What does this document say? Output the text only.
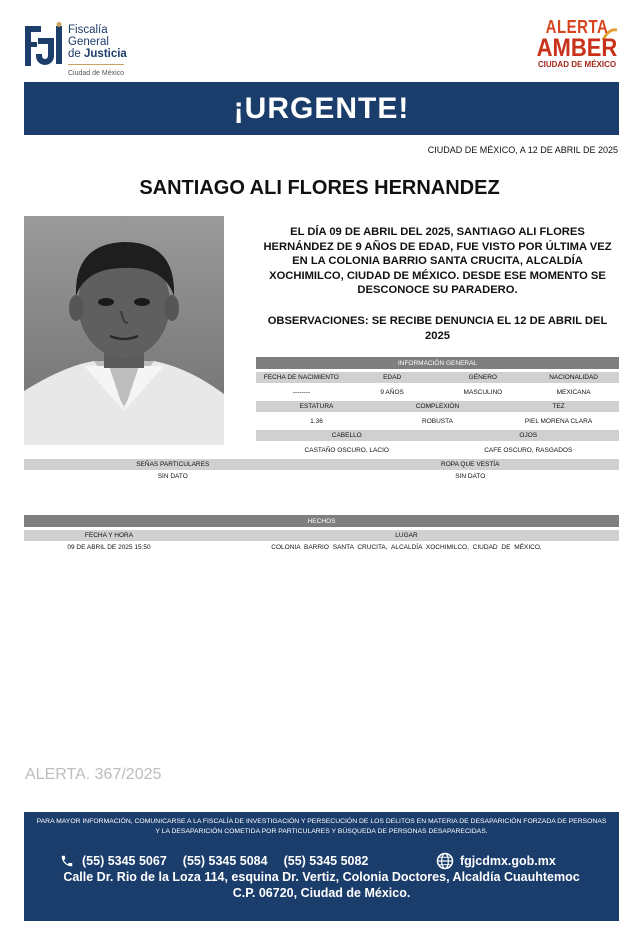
Fiscalía
General
de Justicia
Ciudad de México
ALERTA
AMBER
CIUDAD DE MÉXICO
¡URGENTE!
CIUDAD DE MÉXICO, A 12 DE ABRIL DE 2025
SANTIAGO ALI FLORES HERNANDEZ
EL DÍA 09 DE ABRIL DEL 2025, SANTIAGO ALI FLORES HERNÁNDEZ DE 9 AÑOS DE EDAD, FUE VISTO POR ÚLTIMA VEZ EN LA COLONIA BARRIO SANTA CRUCITA, ALCALDÍA XOCHIMILCO, CIUDAD DE MÉXICO. DESDE ESE MOMENTO SE DESCONOCE SU PARADERO.
OBSERVACIONES: SE RECIBE DENUNCIA EL 12 DE ABRIL DEL 2025
INFORMACIÓN GENERAL
FECHA DE NACIMIENTO	EDAD	GÉNERO	NACIONALIDAD
--------	9 AÑOS	MASCULINO	MEXICANA
ESTATURA	COMPLEXIÓN	TEZ
1.36	ROBUSTA	PIEL MORENA CLARA
CABELLO	OJOS
CASTAÑO OSCURO, LACIO	CAFE OSCURO, RASGADOS
SEÑAS PARTICULARES	ROPA QUE VESTÍA
SIN DATO	SIN DATO
HECHOS
FECHA Y HORA	LUGAR
09 DE ABRIL DE 2025 15:50	COLONIA BARRIO SANTA CRUCITA, ALCALDÍA XOCHIMILCO, CIUDAD DE MÉXICO,
ALERTA. 367/2025
PARA MAYOR INFORMACIÓN, COMUNICARSE A LA FISCALÍA DE INVESTIGACIÓN Y PERSECUCIÓN DE LOS DELITOS EN MATERIA DE DESAPARICIÓN FORZADA DE PERSONAS Y LA DESAPARICIÓN COMETIDA POR PARTICULARES Y BÚSQUEDA DE PERSONAS DESAPARECIDAS.
(55) 5345 5067 (55) 5345 5084 (55) 5345 5082	fgjcdmx.gob.mx
Calle Dr. Rio de la Loza 114, esquina Dr. Vertiz, Colonia Doctores, Alcaldía Cuauhtemoc
C.P. 06720, Ciudad de México.
